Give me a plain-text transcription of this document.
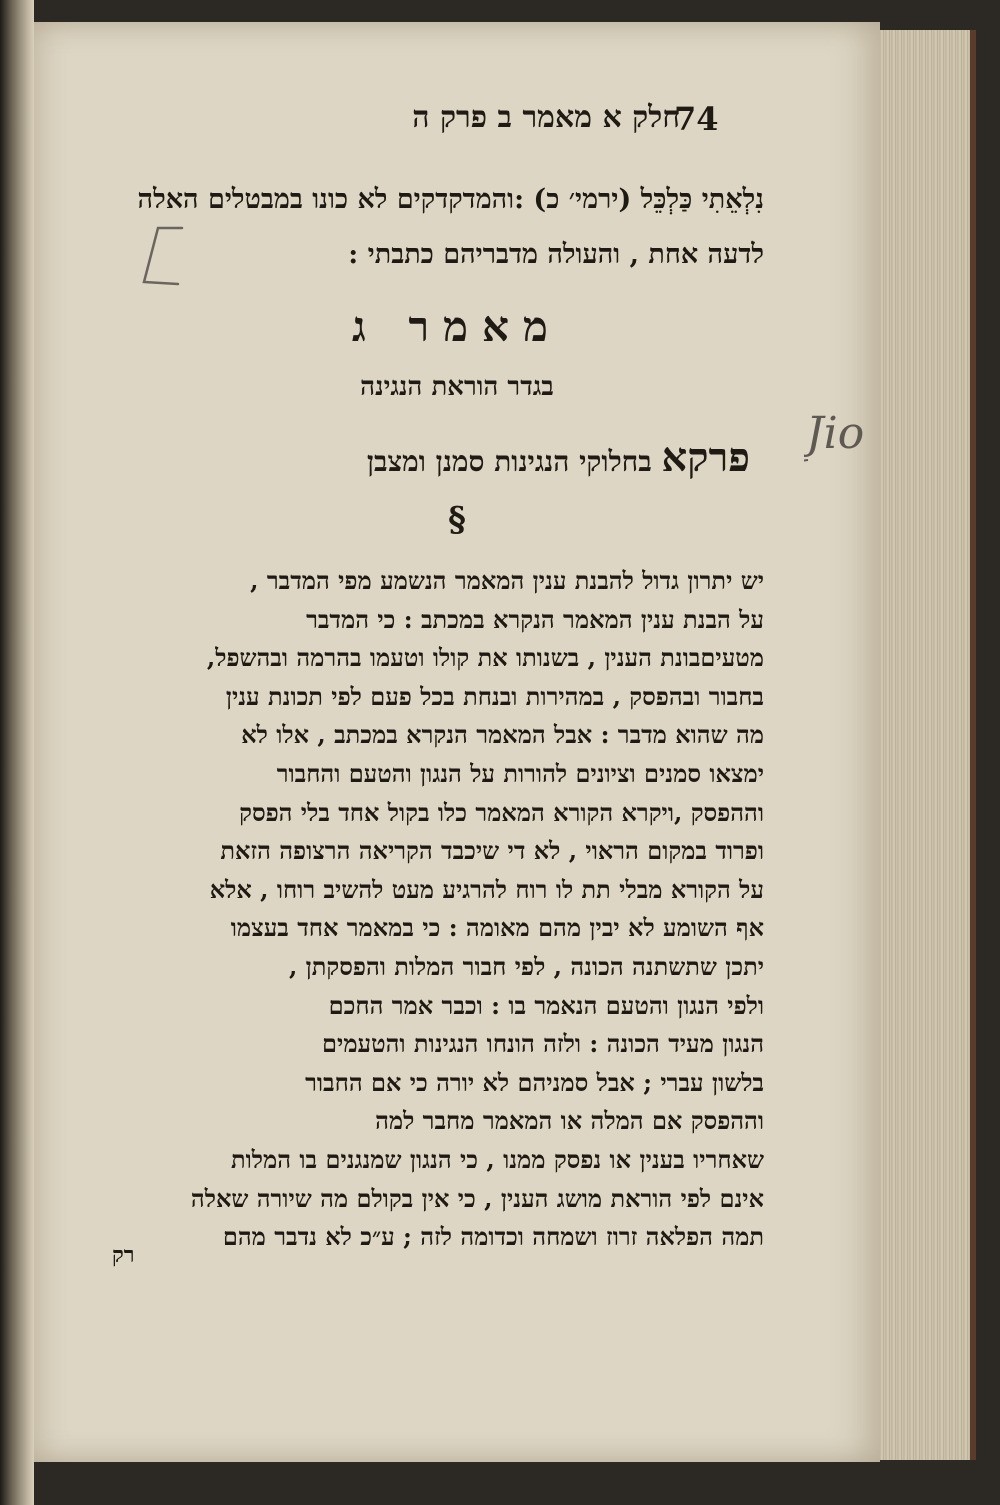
74
חלק א מאמר ב פרק ה
נִלְאֵתִי כַּלְכֵּל (ירמי׳ כ) :והמדקדקים לא כונו במבטלים האלה
לדעה אחת , והעולה מדבריהם כתבתי :
מאמר ג
בגדר הוראת הנגינה
פרקא בחלוקי הנגינות סמנן ומצבן
Jio
§
יש יתרון גדול להבנת ענין המאמר הנשמע מפי המדבר ,
על הבנת ענין המאמר הנקרא במכתב : כי המדבר
מטעיםבונת הענין , בשנותו את קולו וטעמו בהרמה ובהשפל,
בחבור ובהפסק , במהירות ובנחת בכל פעם לפי תכונת ענין
מה שהוא מדבר : אבל המאמר הנקרא במכתב , אלו לא
ימצאו סמנים וציונים להורות על הנגון והטעם והחבור
וההפסק ,ויקרא הקורא המאמר כלו בקול אחד בלי הפסק
ופרוד במקום הראוי , לא די שיכבד הקריאה הרצופה הזאת
על הקורא מבלי תת לו רוח להרגיע מעט להשיב רוחו , אלא
אף השומע לא יבין מהם מאומה : כי במאמר אחד בעצמו
יתכן שתשתנה הכונה , לפי חבור המלות והפסקתן ,
ולפי הנגון והטעם הנאמר בו : וכבר אמר החכם
הנגון מעיד הכונה : ולזה הונחו הנגינות והטעמים
בלשון עברי ; אבל סמניהם לא יורה כי אם החבור
וההפסק אם המלה או המאמר מחבר למה
שאחריו בענין או נפסק ממנו , כי הנגון שמנגנים בו המלות
אינם לפי הוראת מושג הענין , כי אין בקולם מה שיורה שאלה
תמה הפלאה זרוז ושמחה וכדומה לזה ; ע״כ לא נדבר מהם
רק
